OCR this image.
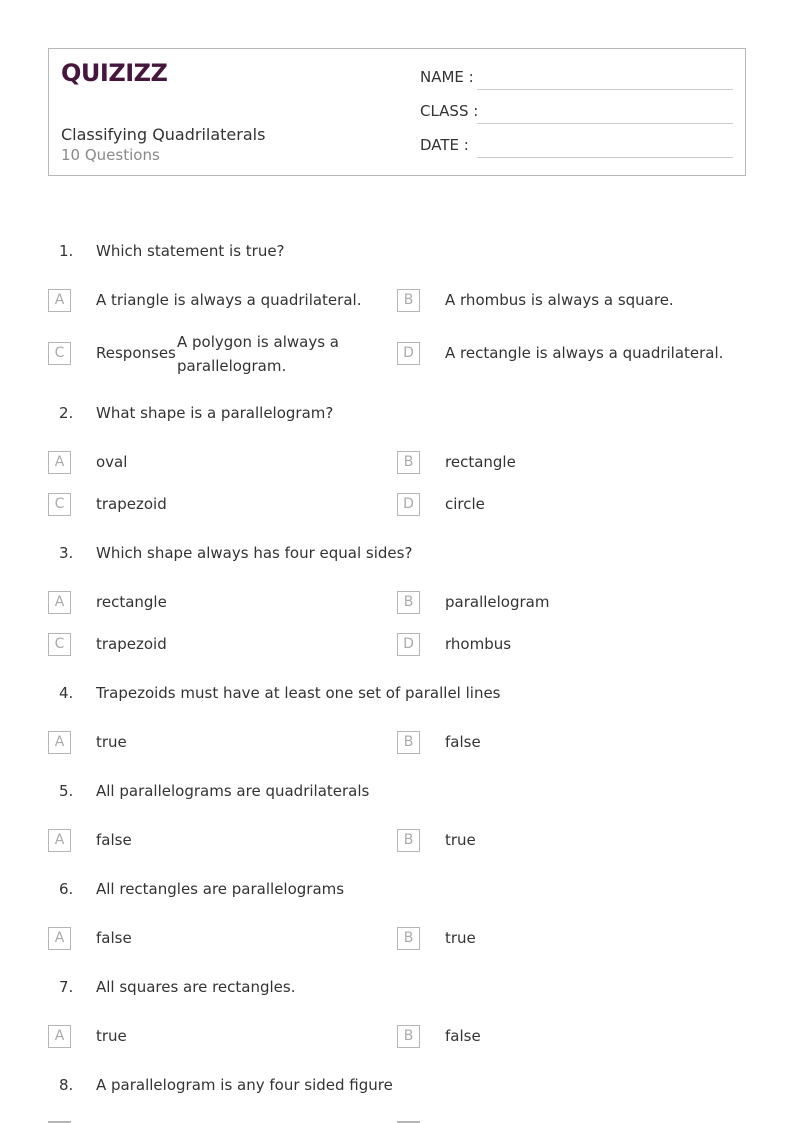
QUIZIZZ
Classifying Quadrilaterals
10 Questions
NAME :
CLASS :
DATE :
1. Which statement is true?
A	A triangle is always a quadrilateral.	B	A rhombus is always a square.
C	Responses
A polygon is always a parallelogram.
D	A rectangle is always a quadrilateral.
2. What shape is a parallelogram?
A	oval	B	rectangle
C	trapezoid	D	circle
3. Which shape always has four equal sides?
A	rectangle	B	parallelogram
C	trapezoid	D	rhombus
4. Trapezoids must have at least one set of parallel lines
A	true	B	false
5. All parallelograms are quadrilaterals
A	false	B	true
6. All rectangles are parallelograms
A	false	B	true
7. All squares are rectangles.
A	true	B	false
8. A parallelogram is any four sided figure
